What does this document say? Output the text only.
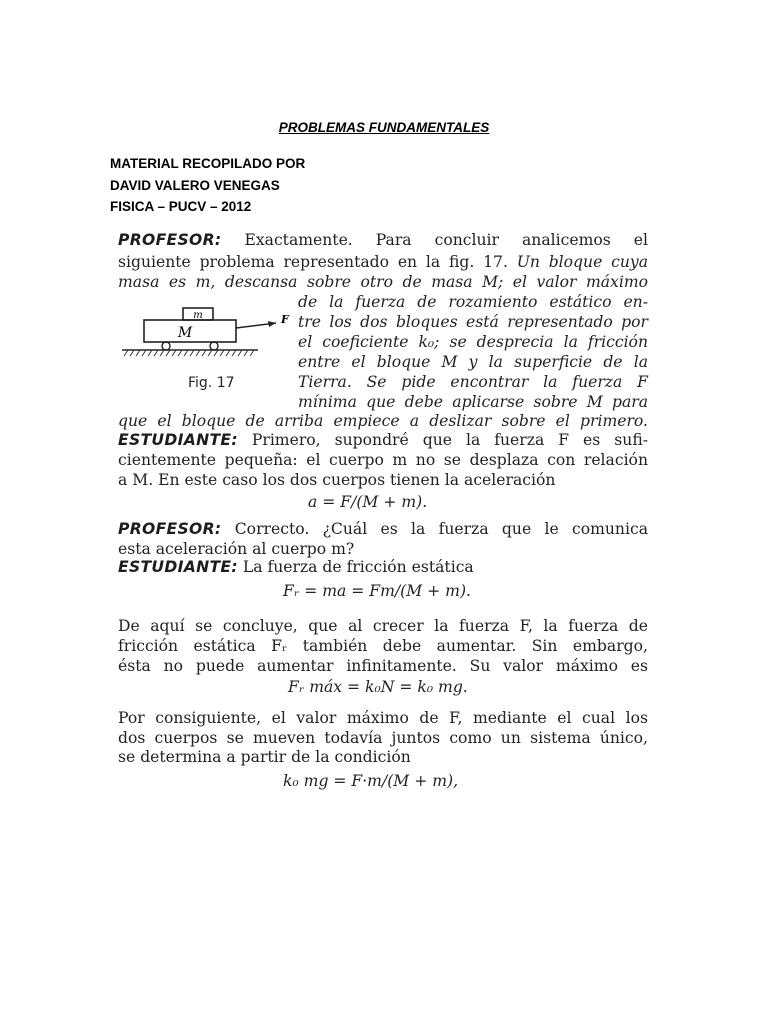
PROBLEMAS FUNDAMENTALES
MATERIAL RECOPILADO POR
DAVID VALERO VENEGAS
FISICA – PUCV – 2012
PROFESOR: Exactamente. Para concluir analicemos el
siguiente problema representado en la fig. 17. Un bloque cuya
masa es m, descansa sobre otro de masa M; el valor máximo
m
M
F
Fig. 17
de la fuerza de rozamiento estático en-
tre los dos bloques está representado por
el coeficiente k₀; se desprecia la fricción
entre el bloque M y la superficie de la
Tierra. Se pide encontrar la fuerza F
mínima que debe aplicarse sobre M para
que el bloque de arriba empiece a deslizar sobre el primero.
ESTUDIANTE: Primero, supondré que la fuerza F es sufi-
cientemente pequeña: el cuerpo m no se desplaza con relación
a M. En este caso los dos cuerpos tienen la aceleración
a = F/(M + m).
PROFESOR: Correcto. ¿Cuál es la fuerza que le comunica
esta aceleración al cuerpo m?
ESTUDIANTE: La fuerza de fricción estática
Fᵣ = ma = Fm/(M + m).
De aquí se concluye, que al crecer la fuerza F, la fuerza de
fricción estática Fᵣ también debe aumentar. Sin embargo,
ésta no puede aumentar infinitamente. Su valor máximo es
Fᵣ máx = k₀N = k₀ mg.
Por consiguiente, el valor máximo de F, mediante el cual los
dos cuerpos se mueven todavía juntos como un sistema único,
se determina a partir de la condición
k₀ mg = F·m/(M + m),
